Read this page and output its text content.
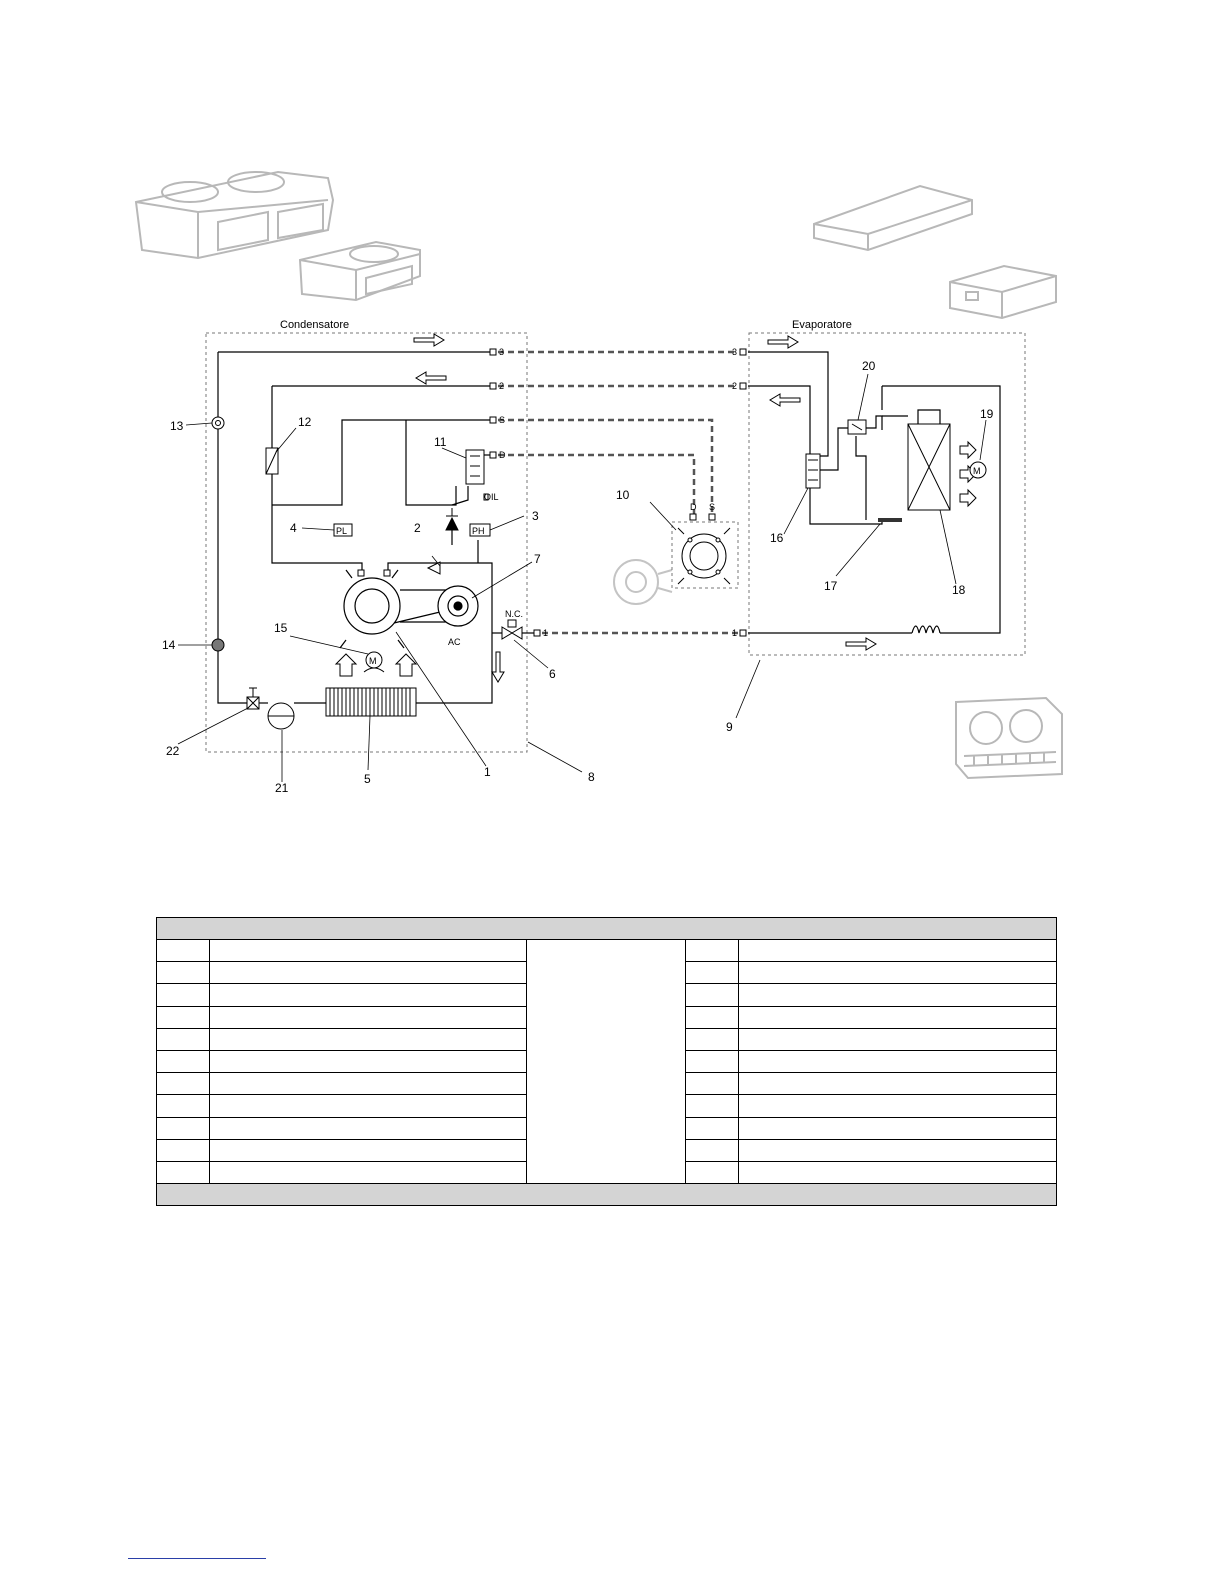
Condensatore	Evaporatore
3
2
S
D
1
3
2
1
D S
AC
PL	PH
OIL
M
N.C.
M
1
2
3
4
5
6
7
8
9
10
11
12
13
14
15
16
17	18
19
20
21
22
